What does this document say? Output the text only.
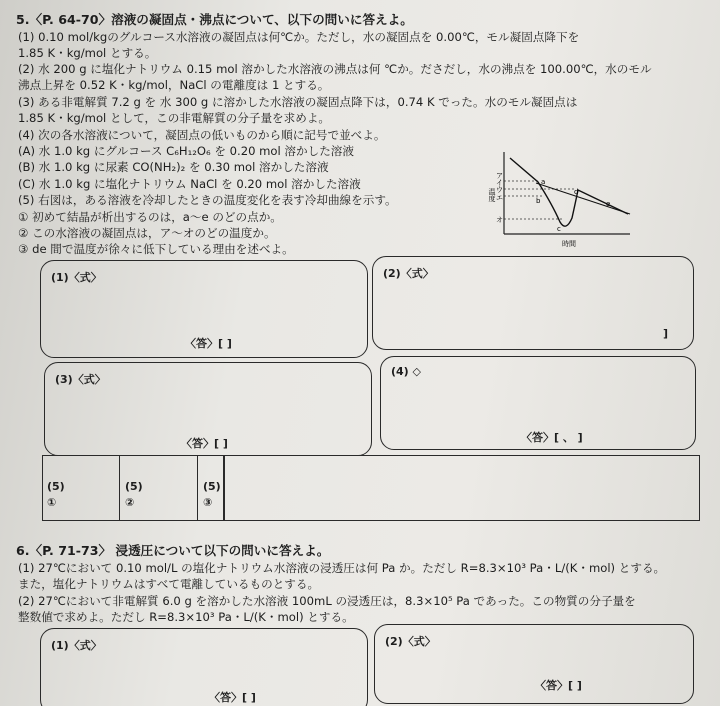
5.〈P. 64-70〉溶液の凝固点・沸点について、以下の問いに答えよ。
(1) 0.10 mol/kgのグルコース水溶液の凝固点は何℃か。ただし，水の凝固点を 0.00℃，モル凝固点降下を
1.85 K・kg/mol とする。
(2) 水 200 g に塩化ナトリウム 0.15 mol 溶かした水溶液の沸点は何 ℃か。ださだし，水の沸点を 100.00℃，水のモル
沸点上昇を 0.52 K・kg/mol，NaCl の電離度は 1 とする。
(3) ある非電解質 7.2 g を 水 300 g に溶かした水溶液の凝固点降下は，0.74 K でった。水のモル凝固点は
1.85 K・kg/mol として，この非電解質の分子量を求めよ。
(4) 次の各水溶液について，凝固点の低いものから順に記号で並べよ。
(A) 水 1.0 kg にグルコース C₆H₁₂O₆ を 0.20 mol 溶かした溶液
(B) 水 1.0 kg に尿素 CO(NH₂)₂ を 0.30 mol 溶かした溶液
(C) 水 1.0 kg に塩化ナトリウム NaCl を 0.20 mol 溶かした溶液
(5) 右図は，ある溶液を冷却したときの温度変化を表す冷却曲線を示す。
① 初めて結晶が析出するのは，a～e のどの点か。
② この水溶液の凝固点は，ア～オのどの温度か。
③ de 間で温度が徐々に低下している理由を述べよ。
温度
時間
ア
イ
ウ
エ
オ
a
b
c
d
e
(1)〈式〉
〈答〉[ ]
(2)〈式〉
]
(3)〈式〉
〈答〉[ ]
(4) ◇
〈答〉[ 、 ]
(5)
①
(5)
②
(5)
③
6.〈P. 71-73〉 浸透圧について以下の問いに答えよ。
(1) 27℃において 0.10 mol/L の塩化ナトリウム水溶液の浸透圧は何 Pa か。ただし R=8.3×10³ Pa・L/(K・mol) とする。
また，塩化ナトリウムはすべて電離しているものとする。
(2) 27℃において非電解質 6.0 g を溶かした水溶液 100mL の浸透圧は，8.3×10⁵ Pa であった。この物質の分子量を
整数値で求めよ。ただし R=8.3×10³ Pa・L/(K・mol) とする。
(1)〈式〉
〈答〉[ ]
(2)〈式〉
〈答〉[ ]
